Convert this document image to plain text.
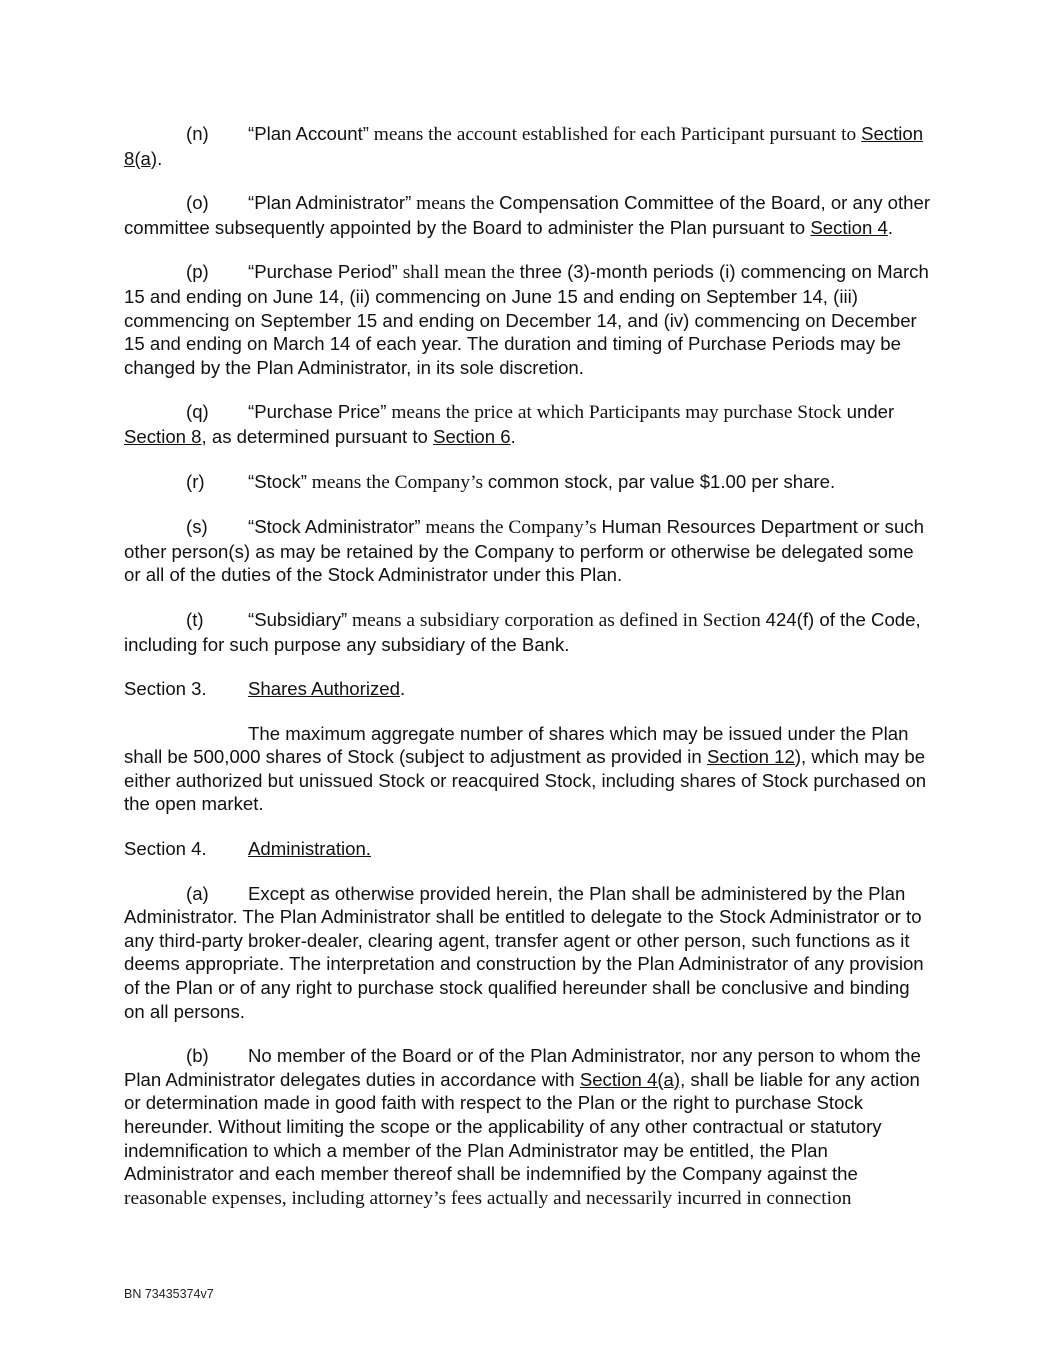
(n) “Plan Account” means the account established for each Participant pursuant to Section 8(a).

(o) “Plan Administrator” means the Compensation Committee of the Board, or any other committee subsequently appointed by the Board to administer the Plan pursuant to Section 4.

(p) “Purchase Period” shall mean the three (3)-month periods (i) commencing on March 15 and ending on June 14, (ii) commencing on June 15 and ending on September 14, (iii) commencing on September 15 and ending on December 14, and (iv) commencing on December 15 and ending on March 14 of each year. The duration and timing of Purchase Periods may be changed by the Plan Administrator, in its sole discretion.

(q) “Purchase Price” means the price at which Participants may purchase Stock under Section 8, as determined pursuant to Section 6.

(r) “Stock” means the Company’s common stock, par value $1.00 per share.

(s) “Stock Administrator” means the Company’s Human Resources Department or such other person(s) as may be retained by the Company to perform or otherwise be delegated some or all of the duties of the Stock Administrator under this Plan.

(t) “Subsidiary” means a subsidiary corporation as defined in Section 424(f) of the Code, including for such purpose any subsidiary of the Bank.

Section 3. Shares Authorized.

The maximum aggregate number of shares which may be issued under the Plan shall be 500,000 shares of Stock (subject to adjustment as provided in Section 12), which may be either authorized but unissued Stock or reacquired Stock, including shares of Stock purchased on the open market.

Section 4. Administration.

(a) Except as otherwise provided herein, the Plan shall be administered by the Plan Administrator. The Plan Administrator shall be entitled to delegate to the Stock Administrator or to any third-party broker-dealer, clearing agent, transfer agent or other person, such functions as it deems appropriate. The interpretation and construction by the Plan Administrator of any provision of the Plan or of any right to purchase stock qualified hereunder shall be conclusive and binding on all persons.

(b) No member of the Board or of the Plan Administrator, nor any person to whom the Plan Administrator delegates duties in accordance with Section 4(a), shall be liable for any action or determination made in good faith with respect to the Plan or the right to purchase Stock hereunder. Without limiting the scope or the applicability of any other contractual or statutory indemnification to which a member of the Plan Administrator may be entitled, the Plan Administrator and each member thereof shall be indemnified by the Company against the reasonable expenses, including attorney’s fees actually and necessarily incurred in connection

BN 73435374v7
